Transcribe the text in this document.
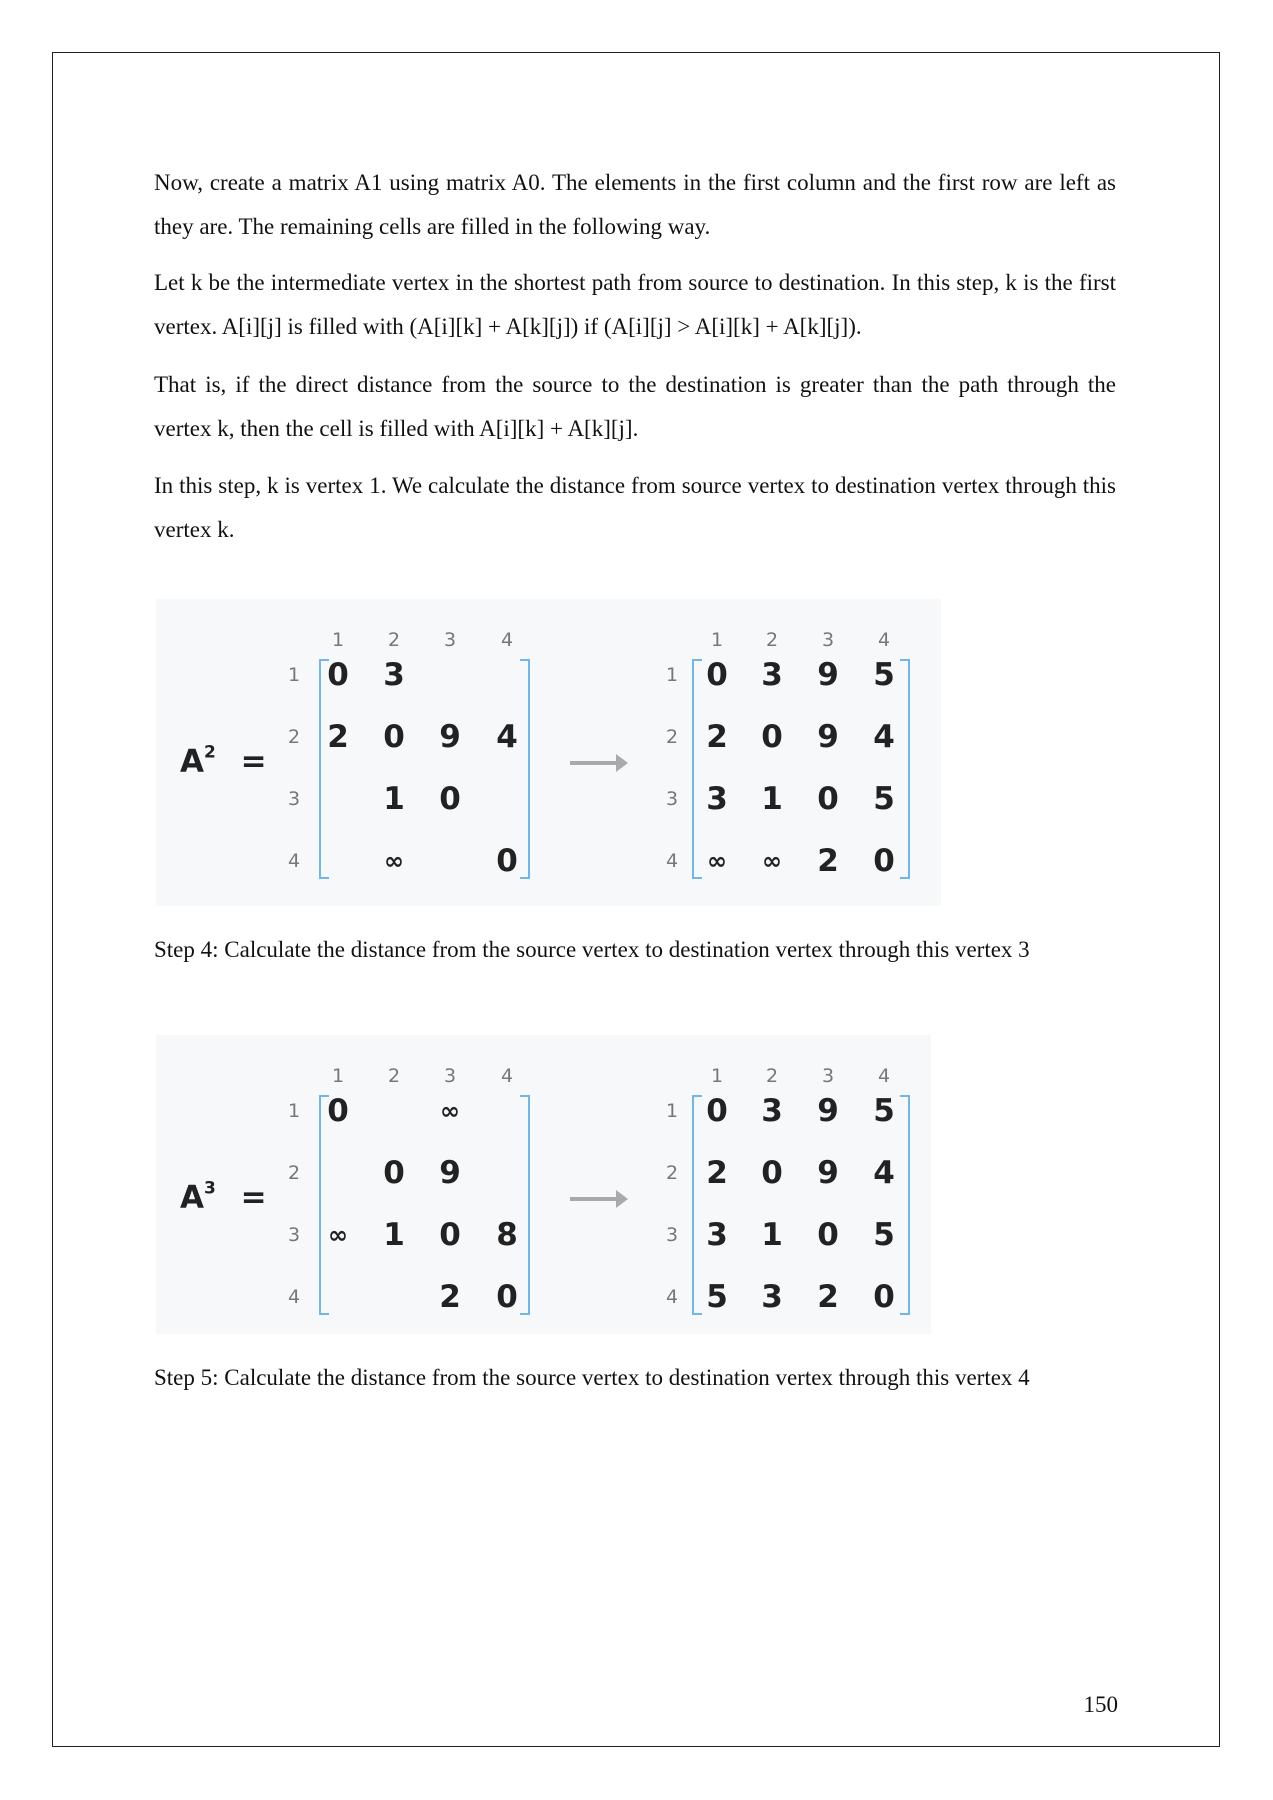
Now, create a matrix A1 using matrix A0. The elements in the first column and the first row are left as they are. The remaining cells are filled in the following way.

Let k be the intermediate vertex in the shortest path from source to destination. In this step, k is the first vertex. A[i][j] is filled with (A[i][k] + A[k][j]) if (A[i][j] > A[i][k] + A[k][j]).

That is, if the direct distance from the source to the destination is greater than the path through the vertex k, then the cell is filled with A[i][k] + A[k][j].

In this step, k is vertex 1. We calculate the distance from source vertex to destination vertex through this vertex k.

$A^2$ =
1 2 3 4
1
2
3
4
0 3
2 0 9 4
1 0
∞	0
1 2 3 4
1
2
3
4
0 3 9 5
2 0 9 4
3 1 0 5
∞ ∞ 2 0

Step 4: Calculate the distance from the source vertex to destination vertex through this vertex 3

$A^3$ =
1 2 3 4
1
2
3
4
0	∞
0 9
∞ 1 0 8
2 0
1 2 3 4
1
2
3
4
0 3 9 5
2 0 9 4
3 1 0 5
5 3 2 0

Step 5: Calculate the distance from the source vertex to destination vertex through this vertex 4

150
